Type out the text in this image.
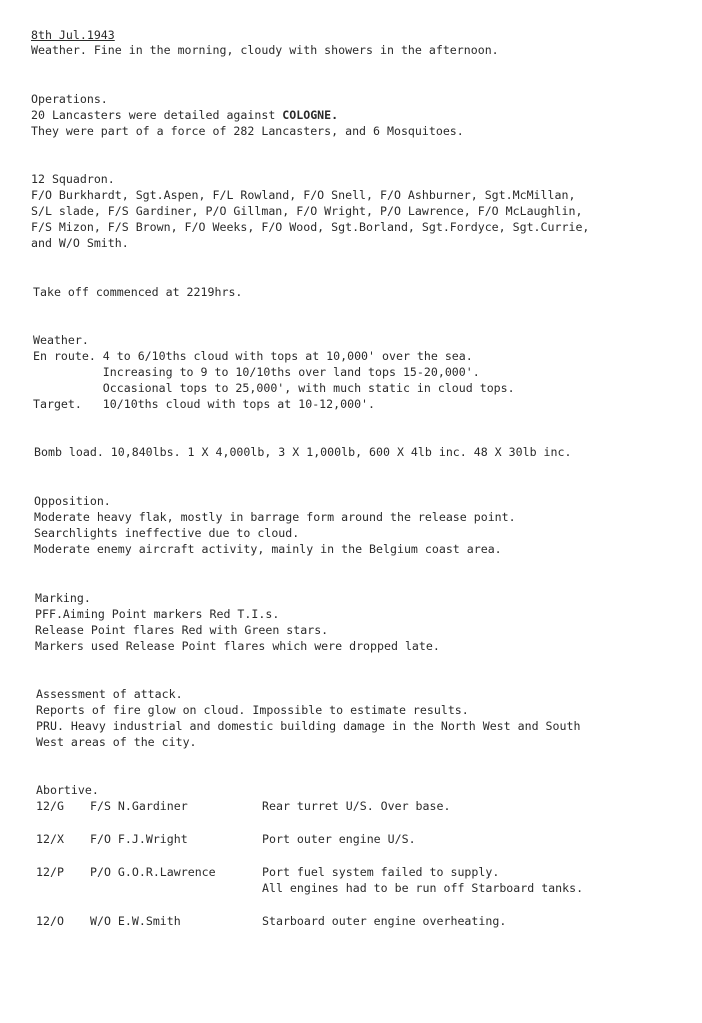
8th Jul.1943
Weather. Fine in the morning, cloudy with showers in the afternoon.
Operations.
20 Lancasters were detailed against COLOGNE.
They were part of a force of 282 Lancasters, and 6 Mosquitoes.
12 Squadron.
F/O Burkhardt, Sgt.Aspen, F/L Rowland, F/O Snell, F/O Ashburner, Sgt.McMillan,
S/L slade, F/S Gardiner, P/O Gillman, F/O Wright, P/O Lawrence, F/O McLaughlin,
F/S Mizon, F/S Brown, F/O Weeks, F/O Wood, Sgt.Borland, Sgt.Fordyce, Sgt.Currie,
and W/O Smith.
Take off commenced at 2219hrs.
Weather.
En route. 4 to 6/10ths cloud with tops at 10,000' over the sea.
Increasing to 9 to 10/10ths over land tops 15-20,000'.
Occasional tops to 25,000', with much static in cloud tops.
Target.   10/10ths cloud with tops at 10-12,000'.
Bomb load. 10,840lbs. 1 X 4,000lb, 3 X 1,000lb, 600 X 4lb inc. 48 X 30lb inc.
Opposition.
Moderate heavy flak, mostly in barrage form around the release point.
Searchlights ineffective due to cloud.
Moderate enemy aircraft activity, mainly in the Belgium coast area.
Marking.
PFF.Aiming Point markers Red T.I.s.
Release Point flares Red with Green stars.
Markers used Release Point flares which were dropped late.
Assessment of attack.
Reports of fire glow on cloud. Impossible to estimate results.
PRU. Heavy industrial and domestic building damage in the North West and South
West areas of the city.
Abortive.
12/G F/S N.Gardiner	Rear turret U/S. Over base.
12/X F/O F.J.Wright	Port outer engine U/S.
12/P P/O G.O.R.Lawrence	Port fuel system failed to supply.
All engines had to be run off Starboard tanks.
12/O W/O E.W.Smith	Starboard outer engine overheating.
